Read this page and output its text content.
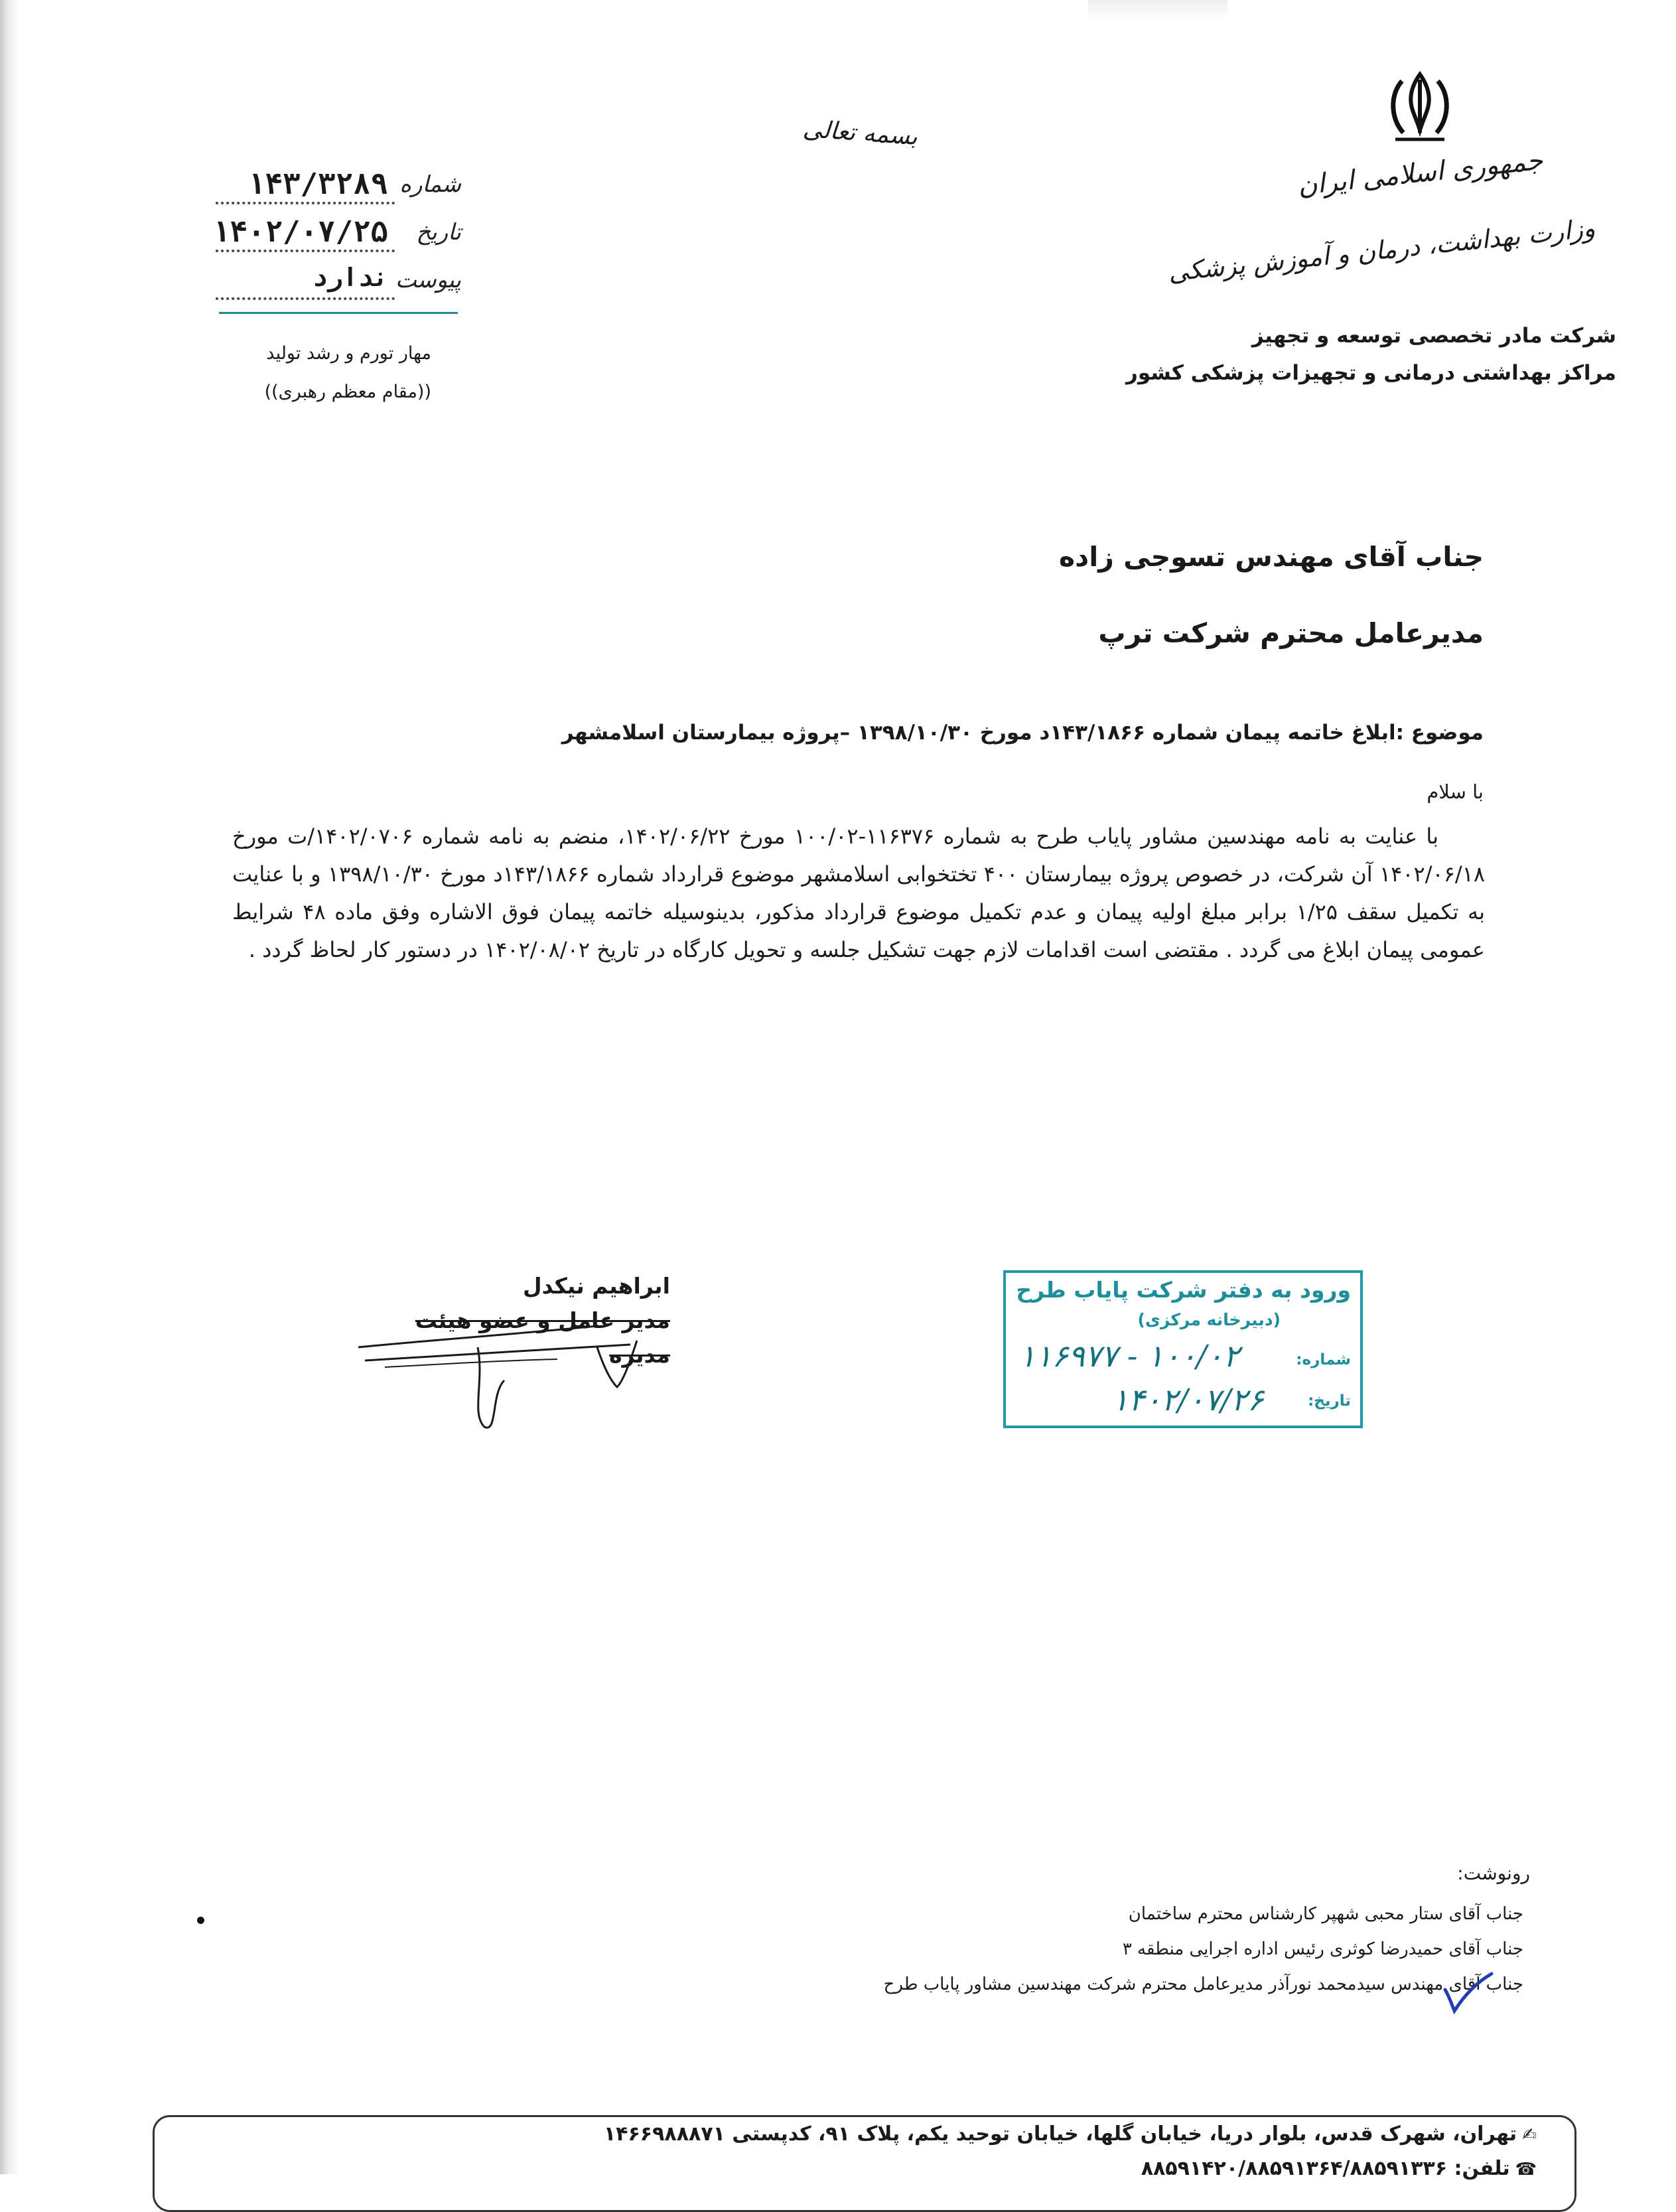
بسمه تعالی
جمهوری اسلامی ایران
وزارت بهداشت، درمان و آموزش پزشکی
شرکت مادر تخصصی توسعه و تجهیز
مراکز بهداشتی درمانی و تجهیزات پزشکی کشور
شماره
۱۴۳/۳۲۸۹
تاریخ
۱۴۰۲/۰۷/۲۵
پیوست
ندارد
مهار تورم و رشد تولید
((مقام معظم رهبری))
جناب آقای مهندس تسوجی زاده
مدیرعامل محترم شرکت ترپ
موضوع :ابلاغ خاتمه پیمان شماره ۱۴۳/۱۸۶۶د مورخ ۱۳۹۸/۱۰/۳۰ –پروژه بیمارستان اسلامشهر
با سلام
با عنایت به نامه مهندسین مشاور پایاب طرح به شماره ۱۱۶۳۷۶-۱۰۰/۰۲ مورخ ۱۴۰۲/۰۶/۲۲، منضم به نامه شماره ۱۴۰۲/۰۷۰۶/ت مورخ ۱۴۰۲/۰۶/۱۸ آن شرکت، در خصوص پروژه بیمارستان ۴۰۰ تختخوابی اسلامشهر موضوع قرارداد شماره ۱۴۳/۱۸۶۶د مورخ ۱۳۹۸/۱۰/۳۰ و با عنایت به تکمیل سقف ۱/۲۵ برابر مبلغ اولیه پیمان و عدم تکمیل موضوع قرارداد مذکور، بدینوسیله خاتمه پیمان فوق الاشاره وفق ماده ۴۸ شرایط عمومی پیمان ابلاغ می گردد . مقتضی است اقدامات لازم جهت تشکیل جلسه و تحویل کارگاه در تاریخ ۱۴۰۲/۰۸/۰۲ در دستور کار لحاظ گردد .
ابراهیم نیکدل
مدیر عامل و عضو هیئت مدیره
ورود به دفتر شرکت پایاب طرح
(دبیرخانه مرکزی)
شماره:
۱۰۰/۰۲ - ۱۱۶۹۷۷
تاریخ:
۱۴۰۲/۰۷/۲۶
رونوشت:
جناب آقای ستار محبی شهپر کارشناس محترم ساختمان
جناب آقای حمیدرضا کوثری رئیس اداره اجرایی منطقه ۳
جناب آقای مهندس سیدمحمد نورآذر مدیرعامل محترم شرکت مهندسین مشاور پایاب طرح
✍تهران، شهرک قدس، بلوار دریا، خیابان گلها، خیابان توحید یکم، پلاک ۹۱، کدپستی ۱۴۶۶۹۸۸۸۷۱
☎تلفن: ۸۸۵۹۱۴۲۰/۸۸۵۹۱۳۶۴/۸۸۵۹۱۳۳۶
